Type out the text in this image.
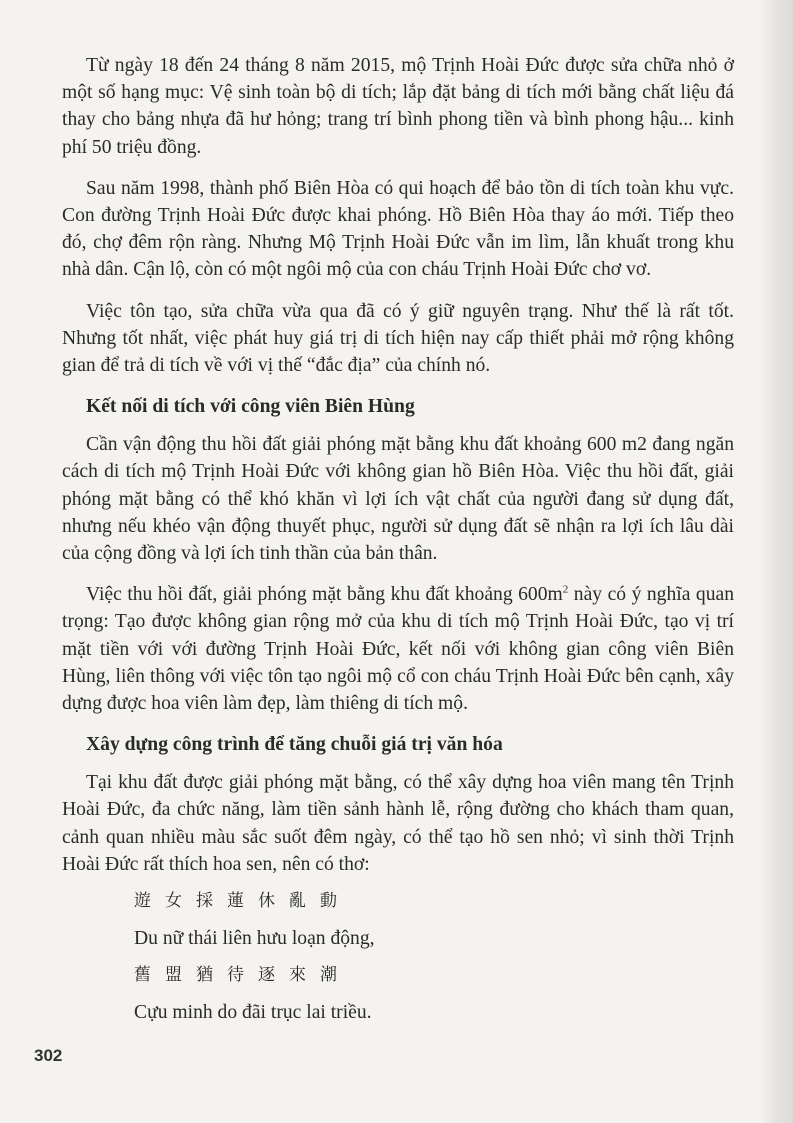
Từ ngày 18 đến 24 tháng 8 năm 2015, mộ Trịnh Hoài Đức được sửa chữa nhỏ ở một số hạng mục: Vệ sinh toàn bộ di tích; lắp đặt bảng di tích mới bằng chất liệu đá thay cho bảng nhựa đã hư hỏng; trang trí bình phong tiền và bình phong hậu... kinh phí 50 triệu đồng.

Sau năm 1998, thành phố Biên Hòa có qui hoạch để bảo tồn di tích toàn khu vực. Con đường Trịnh Hoài Đức được khai phóng. Hồ Biên Hòa thay áo mới. Tiếp theo đó, chợ đêm rộn ràng. Nhưng Mộ Trịnh Hoài Đức vẫn im lìm, lẫn khuất trong khu nhà dân. Cận lộ, còn có một ngôi mộ của con cháu Trịnh Hoài Đức chơ vơ.

Việc tôn tạo, sửa chữa vừa qua đã có ý giữ nguyên trạng. Như thế là rất tốt. Nhưng tốt nhất, việc phát huy giá trị di tích hiện nay cấp thiết phải mở rộng không gian để trả di tích về với vị thế “đắc địa” của chính nó.

Kết nối di tích với công viên Biên Hùng

Cần vận động thu hồi đất giải phóng mặt bằng khu đất khoảng 600 m2 đang ngăn cách di tích mộ Trịnh Hoài Đức với không gian hồ Biên Hòa. Việc thu hồi đất, giải phóng mặt bằng có thể khó khăn vì lợi ích vật chất của người đang sử dụng đất, nhưng nếu khéo vận động thuyết phục, người sử dụng đất sẽ nhận ra lợi ích lâu dài của cộng đồng và lợi ích tinh thần của bản thân.

Việc thu hồi đất, giải phóng mặt bằng khu đất khoảng $600m^2$ này có ý nghĩa quan trọng: Tạo được không gian rộng mở của khu di tích mộ Trịnh Hoài Đức, tạo vị trí mặt tiền với với đường Trịnh Hoài Đức, kết nối với không gian công viên Biên Hùng, liên thông với việc tôn tạo ngôi mộ cổ con cháu Trịnh Hoài Đức bên cạnh, xây dựng được hoa viên làm đẹp, làm thiêng di tích mộ.

Xây dựng công trình để tăng chuỗi giá trị văn hóa

Tại khu đất được giải phóng mặt bằng, có thể xây dựng hoa viên mang tên Trịnh Hoài Đức, đa chức năng, làm tiền sảnh hành lễ, rộng đường cho khách tham quan, cảnh quan nhiều màu sắc suốt đêm ngày, có thể tạo hồ sen nhỏ; vì sinh thời Trịnh Hoài Đức rất thích hoa sen, nên có thơ:

遊女採蓮休亂動
Du nữ thái liên hưu loạn động,
舊盟猶待逐來潮
Cựu minh do đãi trục lai triều.
302
